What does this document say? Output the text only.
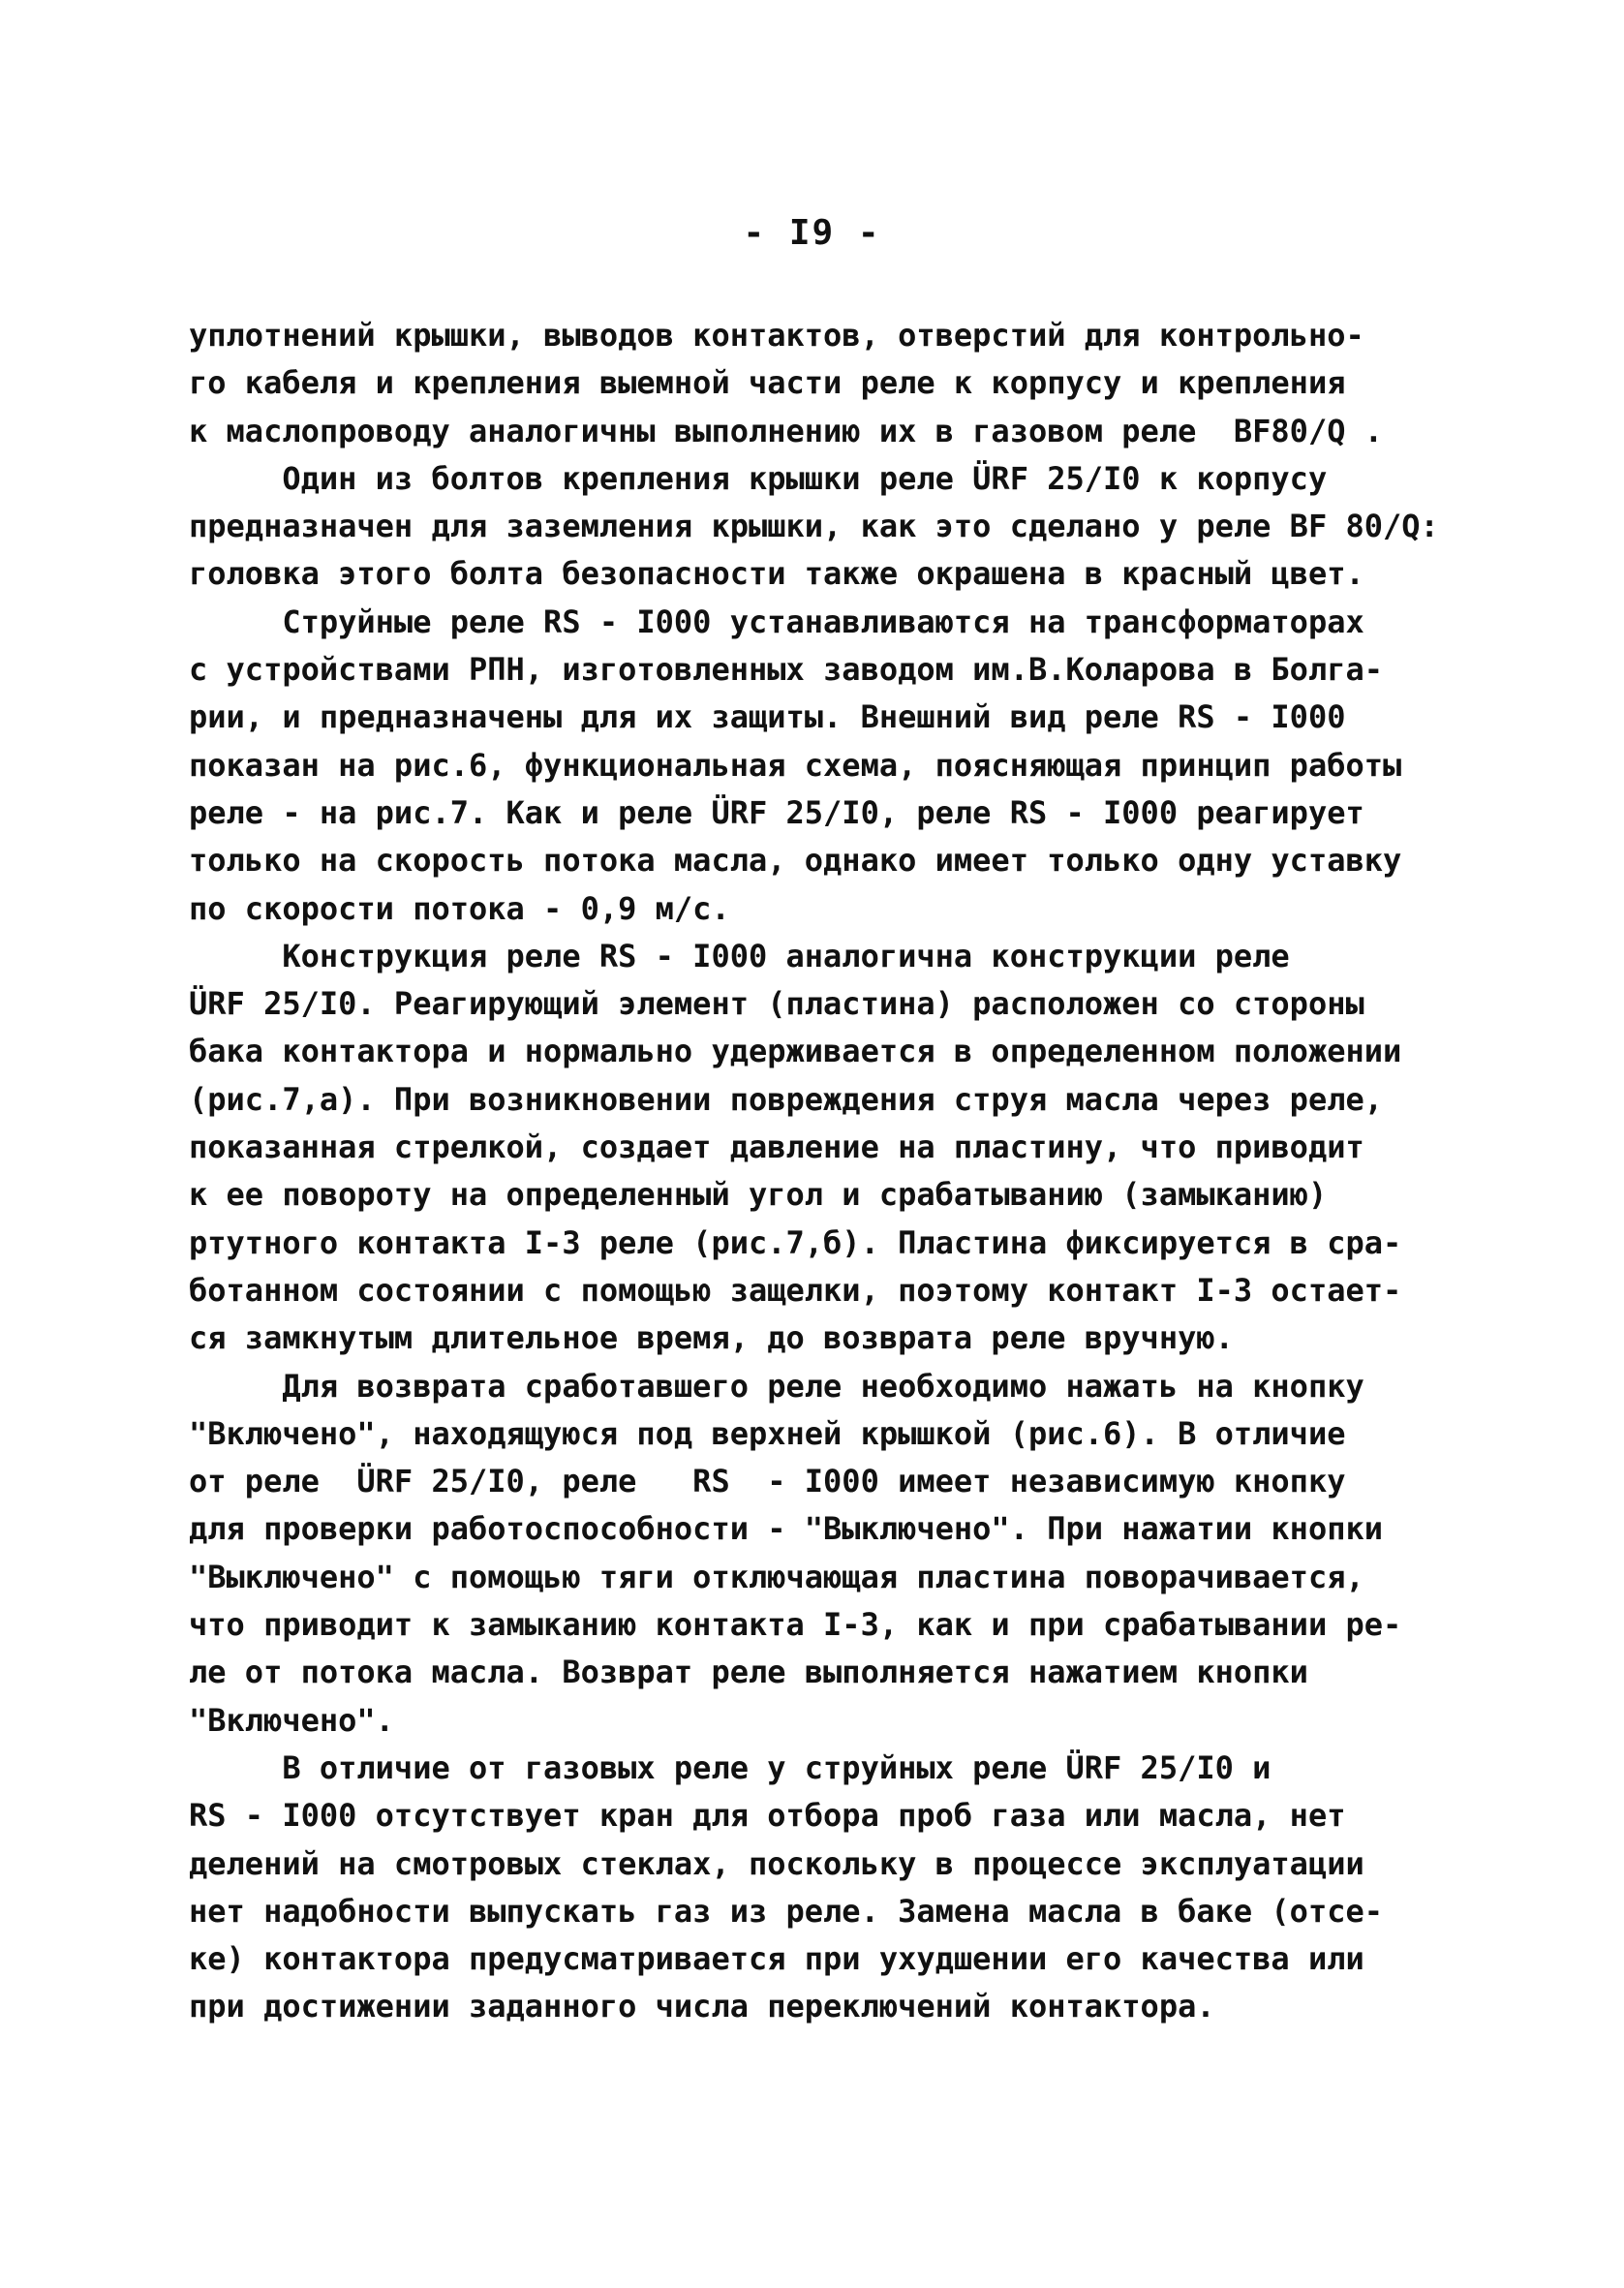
- I9 -
уплотнений крышки, выводов контактов, отверстий для контрольно-
го кабеля и крепления выемной части реле к корпусу и крепления
к маслопроводу аналогичны выполнению их в газовом реле  BF80/Q .
Один из болтов крепления крышки реле ÜRF 25/I0 к корпусу
предназначен для заземления крышки, как это сделано у реле BF 80/Q:
головка этого болта безопасности также окрашена в красный цвет.
Струйные реле RS - I000 устанавливаются на трансформаторах
с устройствами РПН, изготовленных заводом им.В.Коларова в Болга-
рии, и предназначены для их защиты. Внешний вид реле RS - I000
показан на рис.6, функциональная схема, поясняющая принцип работы
реле - на рис.7. Как и реле ÜRF 25/I0, реле RS - I000 реагирует
только на скорость потока масла, однако имеет только одну уставку
по скорости потока - 0,9 м/с.
Конструкция реле RS - I000 аналогична конструкции реле
ÜRF 25/I0. Реагирующий элемент (пластина) расположен со стороны
бака контактора и нормально удерживается в определенном положении
(рис.7,а). При возникновении повреждения струя масла через реле,
показанная стрелкой, создает давление на пластину, что приводит
к ее повороту на определенный угол и срабатыванию (замыканию)
ртутного контакта I-3 реле (рис.7,б). Пластина фиксируется в сра-
ботанном состоянии с помощью защелки, поэтому контакт I-3 остает-
ся замкнутым длительное время, до возврата реле вручную.
Для возврата сработавшего реле необходимо нажать на кнопку
"Включено", находящуюся под верхней крышкой (рис.6). В отличие
от реле  ÜRF 25/I0, реле   RS  - I000 имеет независимую кнопку
для проверки работоспособности - "Выключено". При нажатии кнопки
"Выключено" с помощью тяги отключающая пластина поворачивается,
что приводит к замыканию контакта I-3, как и при срабатывании ре-
ле от потока масла. Возврат реле выполняется нажатием кнопки
"Включено".
В отличие от газовых реле у струйных реле ÜRF 25/I0 и
RS - I000 отсутствует кран для отбора проб газа или масла, нет
делений на смотровых стеклах, поскольку в процессе эксплуатации
нет надобности выпускать газ из реле. Замена масла в баке (отсе-
ке) контактора предусматривается при ухудшении его качества или
при достижении заданного числа переключений контактора.
